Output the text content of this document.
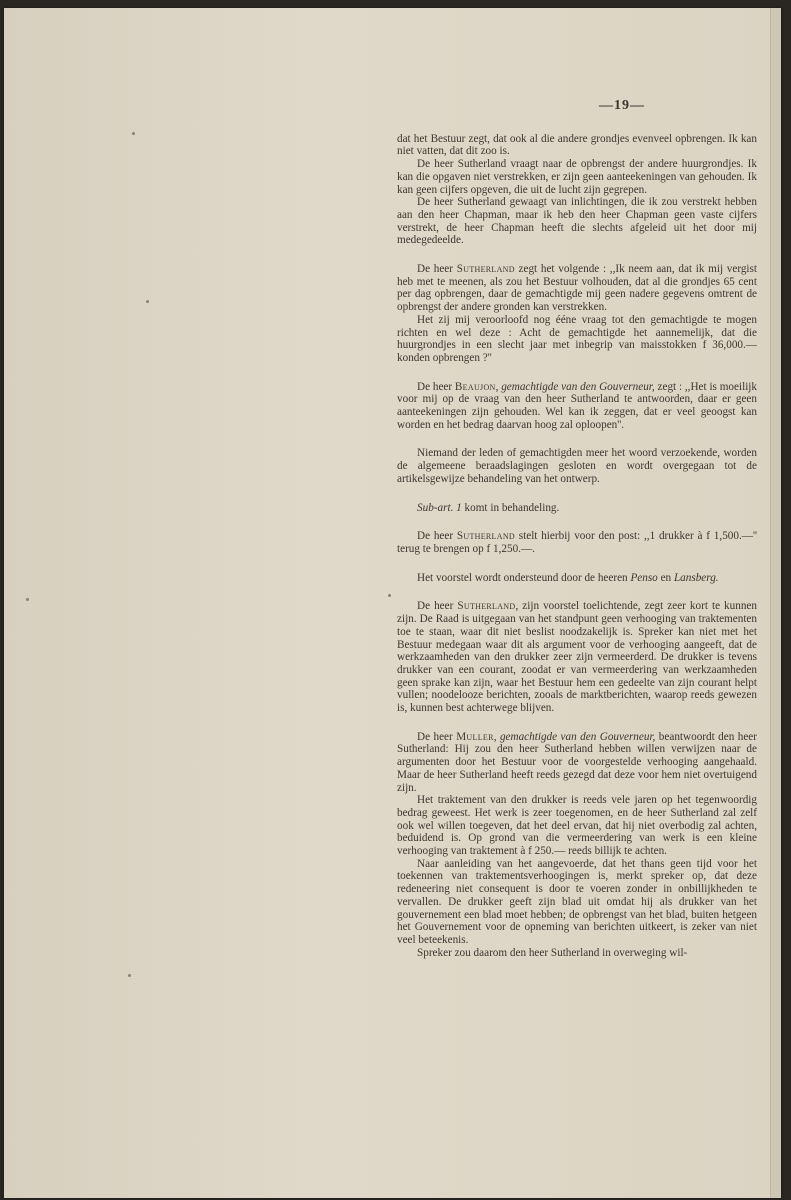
—19—

dat het Bestuur zegt, dat ook al die andere grondjes evenveel opbrengen. Ik kan niet vatten, dat dit zoo is.

De heer Sutherland vraagt naar de opbrengst der andere huurgrondjes. Ik kan die opgaven niet verstrekken, er zijn geen aanteekeningen van gehouden. Ik kan geen cijfers opgeven, die uit de lucht zijn gegrepen.

De heer Sutherland gewaagt van inlichtingen, die ik zou verstrekt hebben aan den heer Chapman, maar ik heb den heer Chapman geen vaste cijfers verstrekt, de heer Chapman heeft die slechts afgeleid uit het door mij medegedeelde.

De heer Sutherland zegt het volgende : ,,Ik neem aan, dat ik mij vergist heb met te meenen, als zou het Bestuur volhouden, dat al die grondjes 65 cent per dag opbrengen, daar de gemachtigde mij geen nadere gegevens omtrent de opbrengst der andere gronden kan verstrekken.

Het zij mij veroorloofd nog ééne vraag tot den gemachtigde te mogen richten en wel deze : Acht de gemachtigde het aannemelijk, dat die huurgrondjes in een slecht jaar met inbegrip van maisstokken f 36,000.— konden opbrengen ?''

De heer Beaujon, gemachtigde van den Gouverneur, zegt : ,,Het is moeilijk voor mij op de vraag van den heer Sutherland te antwoorden, daar er geen aanteekeningen zijn gehouden. Wel kan ik zeggen, dat er veel geoogst kan worden en het bedrag daarvan hoog zal oploopen''.

Niemand der leden of gemachtigden meer het woord verzoekende, worden de algemeene beraadslagingen gesloten en wordt overgegaan tot de artikelsgewijze behandeling van het ontwerp.

Sub-art. 1 komt in behandeling.

De heer Sutherland stelt hierbij voor den post: ,,1 drukker à f 1,500.—'' terug te brengen op f 1,250.—.

Het voorstel wordt ondersteund door de heeren Penso en Lansberg.

De heer Sutherland, zijn voorstel toelichtende, zegt zeer kort te kunnen zijn. De Raad is uitgegaan van het standpunt geen verhooging van traktementen toe te staan, waar dit niet beslist noodzakelijk is. Spreker kan niet met het Bestuur medegaan waar dit als argument voor de verhooging aangeeft, dat de werkzaamheden van den drukker zeer zijn vermeerderd. De drukker is tevens drukker van een courant, zoodat er van vermeerdering van werkzaamheden geen sprake kan zijn, waar het Bestuur hem een gedeelte van zijn courant helpt vullen; noodelooze berichten, zooals de marktberichten, waarop reeds gewezen is, kunnen best achterwege blijven.

De heer Muller, gemachtigde van den Gouverneur, beantwoordt den heer Sutherland: Hij zou den heer Sutherland hebben willen verwijzen naar de argumenten door het Bestuur voor de voorgestelde verhooging aangehaald. Maar de heer Sutherland heeft reeds gezegd dat deze voor hem niet overtuigend zijn.

Het traktement van den drukker is reeds vele jaren op het tegenwoordig bedrag geweest. Het werk is zeer toegenomen, en de heer Sutherland zal zelf ook wel willen toegeven, dat het deel ervan, dat hij niet overbodig zal achten, beduidend is. Op grond van die vermeerdering van werk is een kleine verhooging van traktement à f 250.— reeds billijk te achten.

Naar aanleiding van het aangevoerde, dat het thans geen tijd voor het toekennen van traktementsverhoogingen is, merkt spreker op, dat deze redeneering niet consequent is door te voeren zonder in onbillijkheden te vervallen. De drukker geeft zijn blad uit omdat hij als drukker van het gouvernement een blad moet hebben; de opbrengst van het blad, buiten hetgeen het Gouvernement voor de opneming van berichten uitkeert, is zeker van niet veel beteekenis.

Spreker zou daarom den heer Sutherland in overweging wil-
